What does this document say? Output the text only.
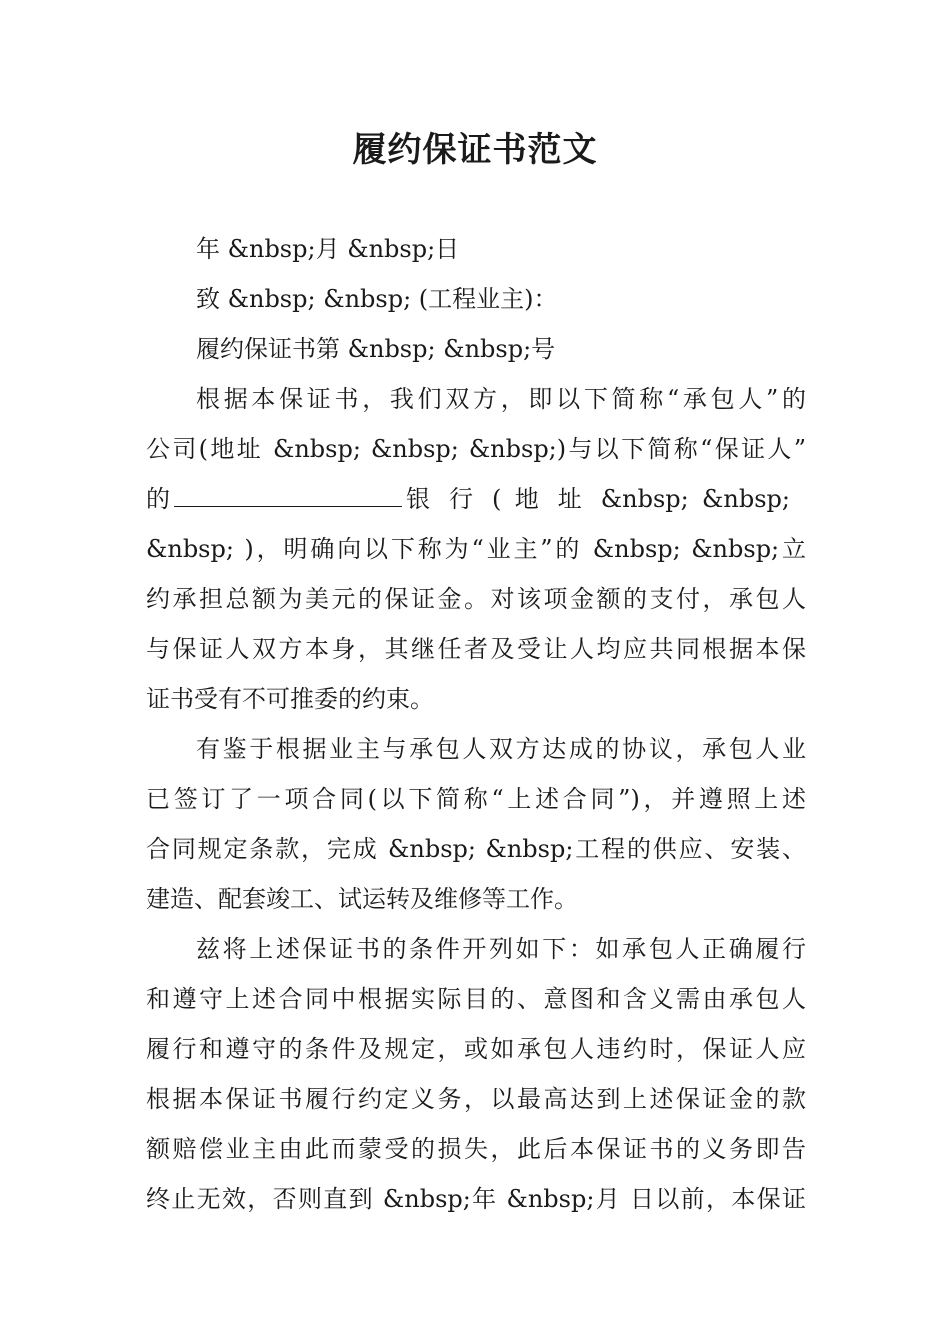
履约保证书范文

年 &nbsp;月 &nbsp;日

致 &nbsp; &nbsp; (工程业主)：

履约保证书第 &nbsp; &nbsp;号

根据本保证书，我们双方，即以下简称“承包人”的

公司(地址 &nbsp; &nbsp; &nbsp;)与以下简称“保证人”

的	银 行 ( 地 址 &nbsp; &nbsp;

&nbsp; )，明确向以下称为“业主”的 &nbsp; &nbsp;立

约承担总额为美元的保证金。对该项金额的支付，承包人

与保证人双方本身，其继任者及受让人均应共同根据本保

证书受有不可推委的约束。

有鉴于根据业主与承包人双方达成的协议，承包人业

已签订了一项合同(以下简称“上述合同”)，并遵照上述

合同规定条款，完成 &nbsp; &nbsp;工程的供应、安装、

建造、配套竣工、试运转及维修等工作。

兹将上述保证书的条件开列如下：如承包人正确履行

和遵守上述合同中根据实际目的、意图和含义需由承包人

履行和遵守的条件及规定，或如承包人违约时，保证人应

根据本保证书履行约定义务，以最高达到上述保证金的款

额赔偿业主由此而蒙受的损失，此后本保证书的义务即告

终止无效，否则直到 &nbsp;年 &nbsp;月 日以前，本保证
